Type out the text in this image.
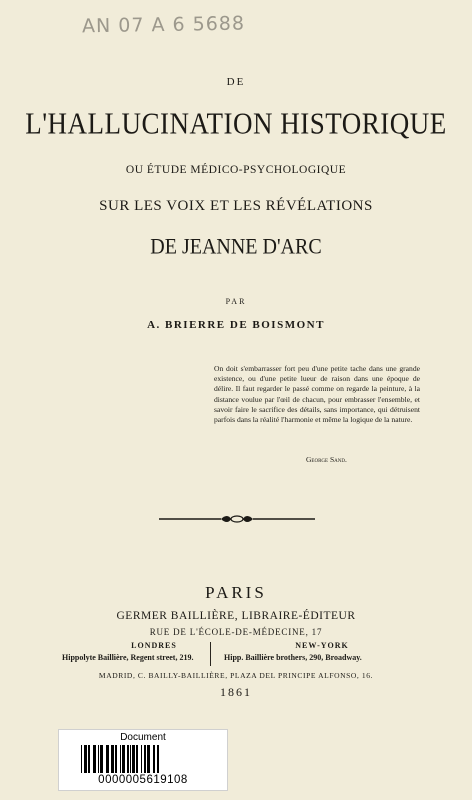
AN 07 A 6 5688
DE
L'HALLUCINATION HISTORIQUE
OU ÉTUDE MÉDICO-PSYCHOLOGIQUE
SUR LES VOIX ET LES RÉVÉLATIONS
DE JEANNE D'ARC
PAR
A. BRIERRE DE BOISMONT
On doit s'embarrasser fort peu d'une petite tache dans une grande existence, ou d'une petite lueur de raison dans une époque de délire. Il faut regarder le passé comme on regarde la peinture, à la distance voulue par l'œil de chacun, pour embrasser l'ensemble, et savoir faire le sacrifice des détails, sans importance, qui détruisent parfois dans la réalité l'harmonie et même la logique de la nature.
George Sand.
PARIS
GERMER BAILLIÈRE, LIBRAIRE-ÉDITEUR
RUE DE L'ÉCOLE-DE-MÉDECINE, 17
LONDRES
Hippolyte Baillière, Regent street, 219.
NEW-YORK
Hipp. Baillière brothers, 290, Broadway.
MADRID, C. BAILLY-BAILLIÈRE, PLAZA DEL PRINCIPE ALFONSO, 16.
1861
Document
0000005619108
